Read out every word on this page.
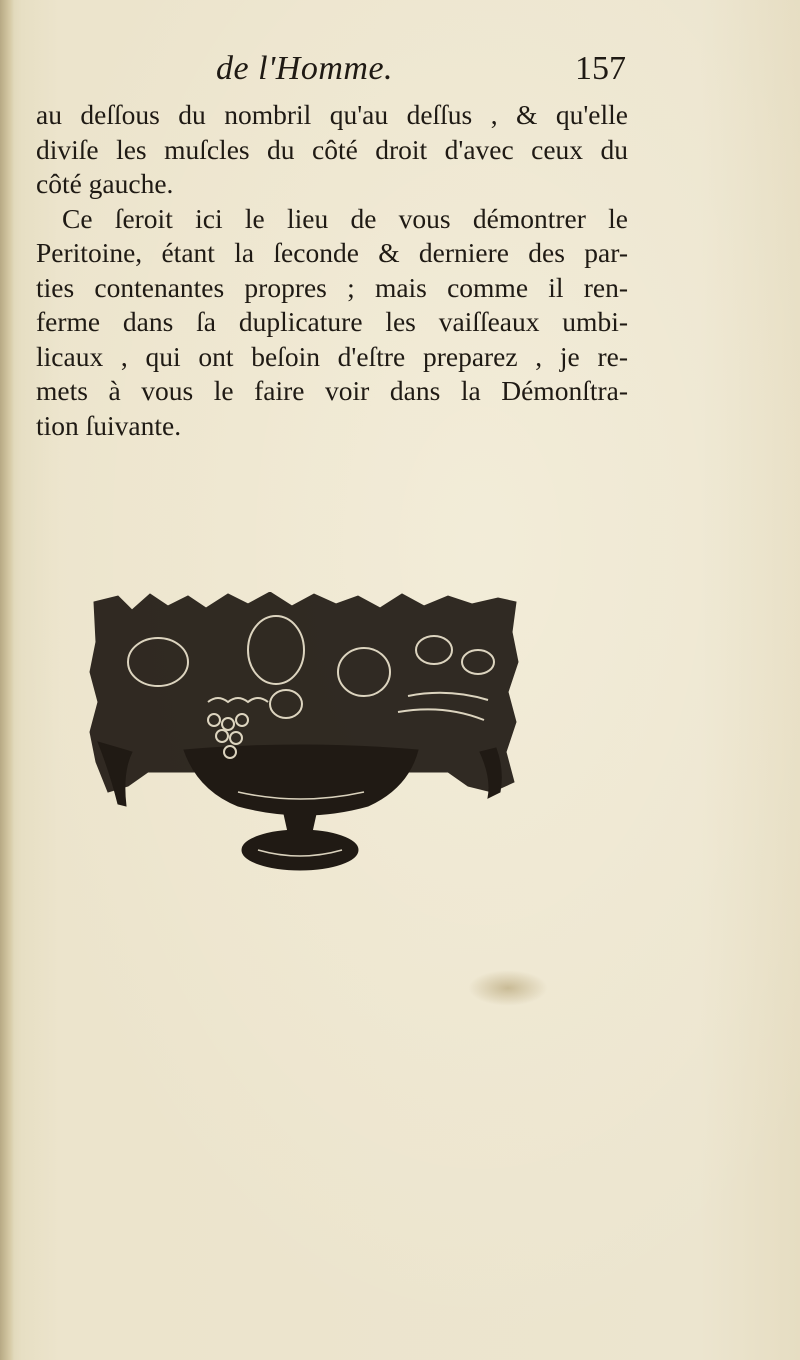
de l'Homme.	157
au deſſous du nombril qu'au deſſus , & qu'elle
diviſe les muſcles du côté droit d'avec ceux du
côté gauche.
Ce ſeroit ici le lieu de vous démontrer le
Peritoine, étant la ſeconde & derniere des par-
ties contenantes propres ; mais comme il ren-
ferme dans ſa duplicature les vaiſſeaux umbi-
licaux , qui ont beſoin d'eſtre preparez , je re-
mets à vous le faire voir dans la Démonſtra-
tion ſuivante.
